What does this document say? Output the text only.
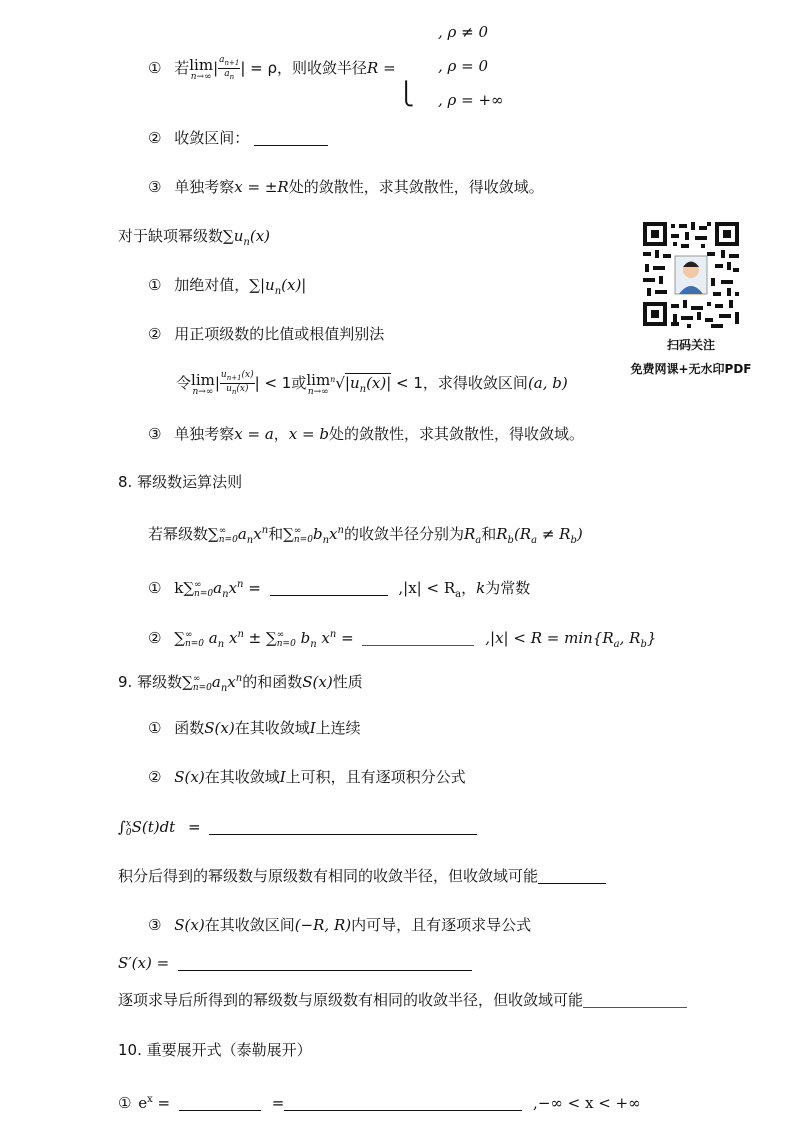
, ρ ≠ 0
① 若lim
n→∞ | $\frac{a_{n+1}}{a_n}$ | = ρ，则收敛半径R =	, ρ = 0
⎩ , ρ = +∞
② 收敛区间：
③ 单独考察x = ±R处的敛散性，求其敛散性，得收敛域。
对于缺项幂级数$\sum u_n(x)$
① 加绝对值，$\sum|u_n(x)|$
② 用正项级数的比值或根值判别法
令lim
n→∞ | $\frac{u_{n+1}(x)}{u_n(x)}$ | < 1或lim
n→∞
$^n√|u_n(x)| < 1$，求得收敛区间(a, b)
③ 单独考察x = a，x = b处的敛散性，求其敛散性，得收敛域。
扫码关注
免费网课+无水印PDF
8. 幂级数运算法则
若幂级数∑ ∞
n=0 $a_nx^n$和∑ ∞
n=0 $b_nx^n$的收敛半径分别为$R_a$和$R_b(R_a \ne R_b)$
① k∑ ∞
n=0 $a_nx^n$ =	$,|x| < R_a$，k为常数
② ∑ ∞
n=0 $a_n$ $x^n$ ± ∑ ∞
n=0 $b_n$ $x^n$ =	$,|x| < R = \min\{R_a$, $R_b$}
9. 幂级数∑ ∞
n=0 $a_nx^n$的和函数S(x)性质
① 函数S(x)在其收敛域I上连续
② S(x)在其收敛域I上可积，且有逐项积分公式
∫ x
0 S(t)dt =
积分后得到的幂级数与原级数有相同的收敛半径，但收敛域可能
③ S(x)在其收敛区间(−R, R)内可导，且有逐项求导公式
S′(x) =
逐项求导后所得到的幂级数与原级数有相同的收敛半径，但收敛域可能
10. 重要展开式（泰勒展开）
① $e^x$ =	=	,−∞ < x < +∞
